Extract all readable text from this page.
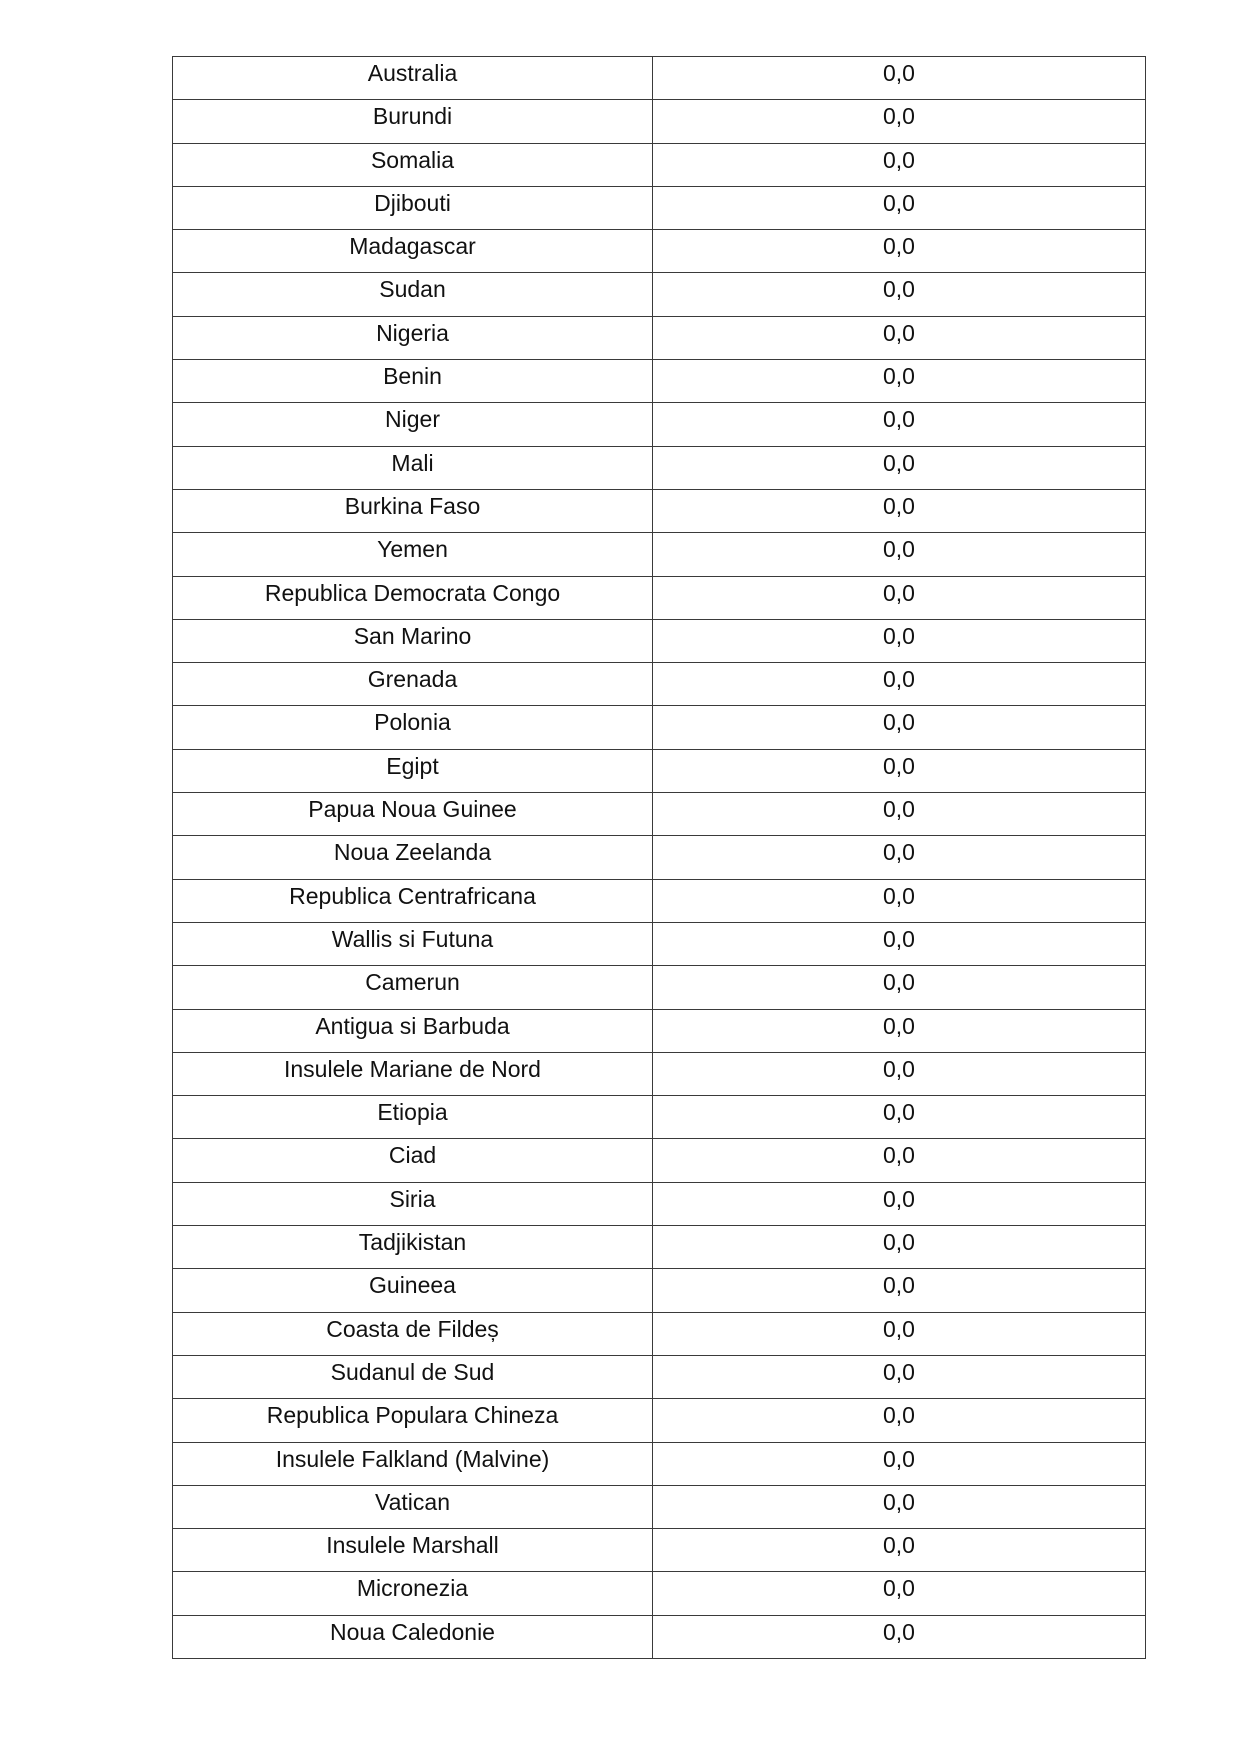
Australia	0,0
Burundi	0,0
Somalia	0,0
Djibouti	0,0
Madagascar	0,0
Sudan	0,0
Nigeria	0,0
Benin	0,0
Niger	0,0
Mali	0,0
Burkina Faso	0,0
Yemen	0,0
Republica Democrata Congo	0,0
San Marino	0,0
Grenada	0,0
Polonia	0,0
Egipt	0,0
Papua Noua Guinee	0,0
Noua Zeelanda	0,0
Republica Centrafricana	0,0
Wallis si Futuna	0,0
Camerun	0,0
Antigua si Barbuda	0,0
Insulele Mariane de Nord	0,0
Etiopia	0,0
Ciad	0,0
Siria	0,0
Tadjikistan	0,0
Guineea	0,0
Coasta de Fildeș	0,0
Sudanul de Sud	0,0
Republica Populara Chineza	0,0
Insulele Falkland (Malvine)	0,0
Vatican	0,0
Insulele Marshall	0,0
Micronezia	0,0
Noua Caledonie	0,0
